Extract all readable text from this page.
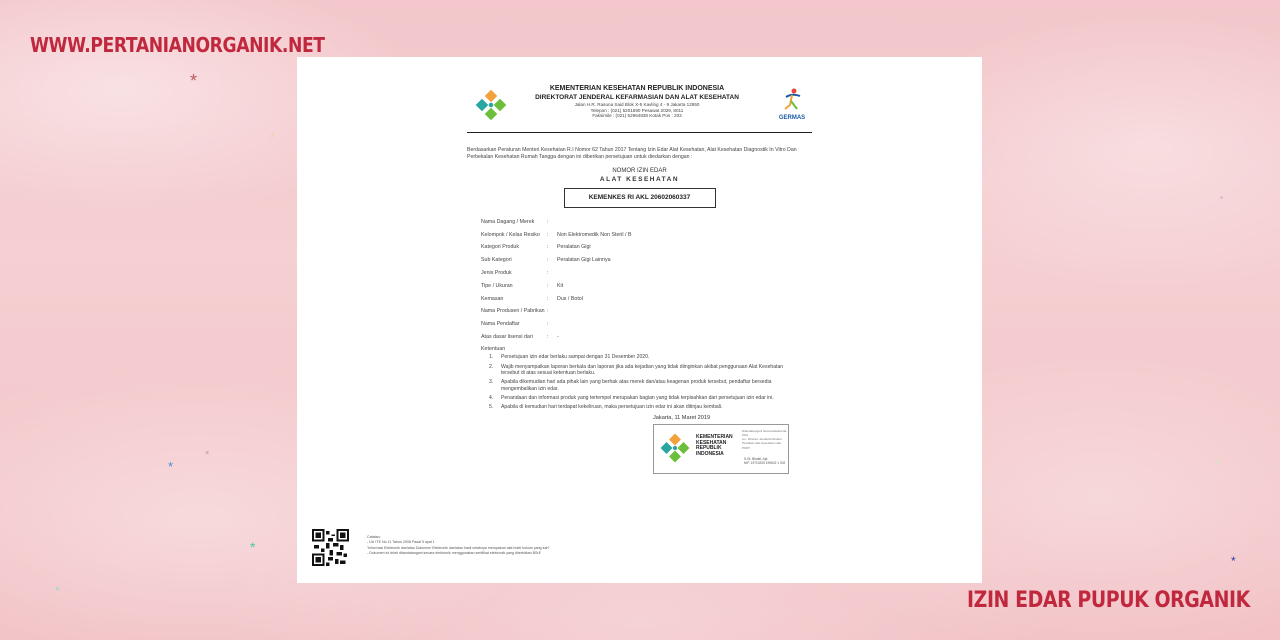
WWW.PERTANIANORGANIK.NET
*
*
*
*
*
*
*
*
*
KEMENTERIAN KESEHATAN REPUBLIK INDONESIA
DIREKTORAT JENDERAL KEFARMASIAN DAN ALAT KESEHATAN
Jalan H.R. Rasuna Said Blok X-5 Kavling 4 - 9 Jakarta 12950
Telepon : (021) 5201590 Pesawat 2029, 8011
Faksimile : (021) 52964838 Kotak Pos : 203	GERMAS
Berdasarkan Peraturan Menteri Kesehatan R.I Nomor 62 Tahun 2017 Tentang Izin Edar Alat Kesehatan, Alat Kesehatan Diagnostik In Vitro Dan Perbekalan Kesehatan Rumah Tangga dengan ini diberikan persetujuan untuk diedarkan dengan :
NOMOR IZIN EDAR
ALAT KESEHATAN
KEMENKES RI AKL 20602060337
Nama Dagang / Merek	:
Kelompok / Kelas Resiko	:	Non Elektromedik Non Steril / B
Kategori Produk	:	Peralatan Gigi
Sub Kategori	:	Peralatan Gigi Lainnya
Jenis Produk	:
Tipe / Ukuran	:	Kit
Kemasan	:	Dus / Botol
Nama Produsen / Pabrikan :
Nama Pendaftar	:
Atas dasar lisensi dari	:	-
Ketentuan
1.	Persetujuan izin edar berlaku sampai dengan 31 Desember 2020.
2.	Wajib menyampaikan laporan berkala dan laporan jika ada kejadian yang tidak diinginkan akibat penggunaan Alat Kesehatan tersebut di atas sesuai ketentuan berlaku.
3.	Apabila dikemudian hari ada pihak lain yang berhak atas merek dan/atau keagenan produk tersebut, pendaftar bersedia mengembalikan izin edar.
4.	Penandaan dan informasi produk yang tertempel merupakan bagian yang tidak terpisahkan dari persetujuan izin edar ini.
5.	Apabila di kemudian hari terdapat kekeliruan, maka persetujuan izin edar ini akan ditinjau kembali.
Jakarta, 11 Maret 2019
KEMENTERIAN KESEHATAN REPUBLIK INDONESIA
Ditandatangani Secara Elektronik Oleh
a.n. Direktur Jenderal Direktur Penilaian Alat Kesehatan dan PKRT
S.Gt. Bhakti, Apt
NIP. 19710205 199602 1 002
Catatan:
- UU ITE No 11 Tahun 2008 Pasal 5 ayat 1
"Informasi Elektronik dan/atau Dokumen Elektronik dan/atau hasil cetaknya merupakan alat bukti hukum yang sah"
- Dokumen ini telah ditandatangani secara elektronik menggunakan sertifikat elektronik yang diterbitkan BSrE
IZIN EDAR PUPUK ORGANIK
